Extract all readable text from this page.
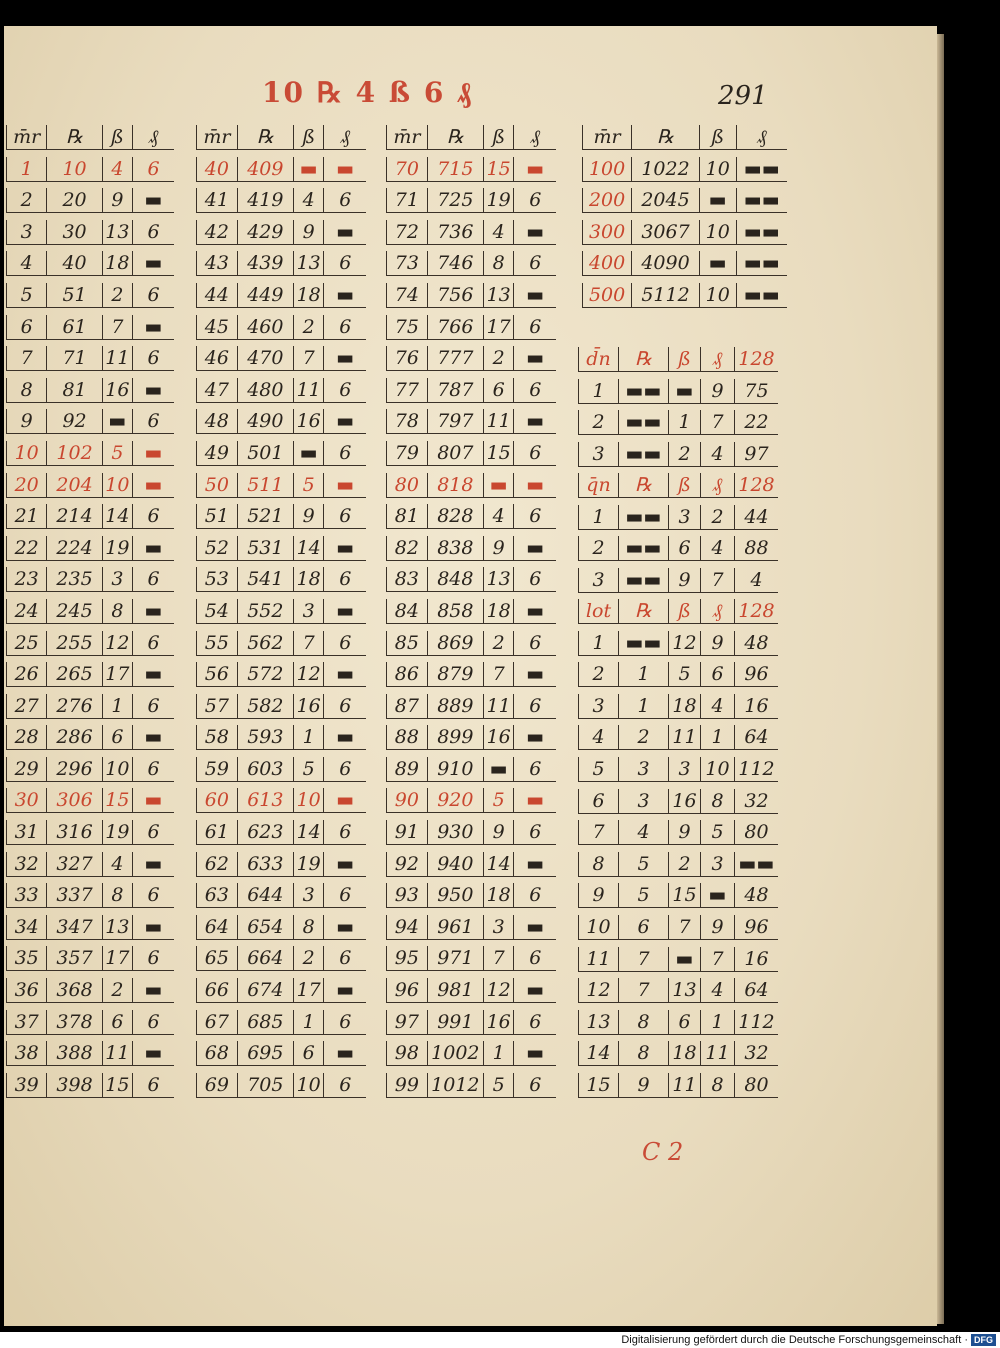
10 ℞ 4 ß 6 ₰	291
m̄r	℞	ß	₰
1	10	4	6
2	20	9	▬
3	30 13 6
4	40 18 ▬
5	51	2	6
6	61	7	▬
7	71 11 6
8	81 16 ▬
9	92	▬	6
10 102 5	▬
20 204 10 ▬
21 214 14 6
22 224 19 ▬
23 235 3	6
24 245 8	▬
25 255 12 6
26 265 17 ▬
27 276 1	6
28 286 6	▬
29 296 10 6
30 306 15 ▬
31 316 19 6
32 327 4	▬
33 337 8	6
34 347 13 ▬
35 357 17 6
36 368 2	▬
37 378 6	6
38 388 11 ▬
39 398 15 6
m̄r	℞	ß	₰
40 409 ▬ ▬
41 419	4	6
42 429	9	▬
43 439 13 6
44 449 18 ▬
45 460	2	6
46 470	7	▬
47 480 11 6
48 490 16 ▬
49 501 ▬	6
50 511	5	▬
51 521	9	6
52 531 14 ▬
53 541 18 6
54 552	3	▬
55 562	7	6
56 572 12 ▬
57 582 16 6
58 593	1	▬
59 603	5	6
60 613 10 ▬
61 623 14 6
62 633 19 ▬
63 644	3	6
64 654	8	▬
65 664	2	6
66 674 17 ▬
67 685	1	6
68 695	6	▬
69 705 10 6
m̄r	℞	ß	₰
70 715 15 ▬
71 725 19 6
72 736	4	▬
73 746	8	6
74 756 13 ▬
75 766 17 6
76 777	2	▬
77 787	6	6
78 797 11 ▬
79 807 15 6
80 818 ▬ ▬
81 828	4	6
82 838	9	▬
83 848 13 6
84 858 18 ▬
85 869	2	6
86 879	7	▬
87 889 11 6
88 899 16 ▬
89 910 ▬	6
90 920	5	▬
91 930	9	6
92 940 14 ▬
93 950 18 6
94 961	3	▬
95 971	7	6
96 981 12 ▬
97 991 16 6
98 1002 1	▬
99 1012 5	6
m̄r	℞	ß	₰
100 1022 10 ▬▬
200 2045	▬ ▬▬
300 3067 10 ▬▬
400 4090	▬ ▬▬
500 5112 10 ▬▬
d̄n	℞	ß	₰ 128
1	▬▬ ▬ 9	75
2	▬▬ 1	7	22
3	▬▬ 2	4	97
q̄n	℞	ß	₰ 128
1	▬▬ 3	2	44
2	▬▬ 6	4	88
3	▬▬ 9	7	4
lot	℞	ß	₰ 128
1	▬▬ 12 9	48
2	1	5	6	96
3	1	18 4	16
4	2	11 1	64
5	3	3 10 112
6	3	16 8	32
7	4	9	5	80
8	5	2	3 ▬▬
9	5	15 ▬ 48
10	6	7	9	96
11	7	▬ 7	16
12	7	13 4	64
13	8	6	1 112
14	8	18 11 32
15	9	11 8	80
C 2
Digitalisierung gefördert durch die Deutsche Forschungsgemeinschaft · DFG
